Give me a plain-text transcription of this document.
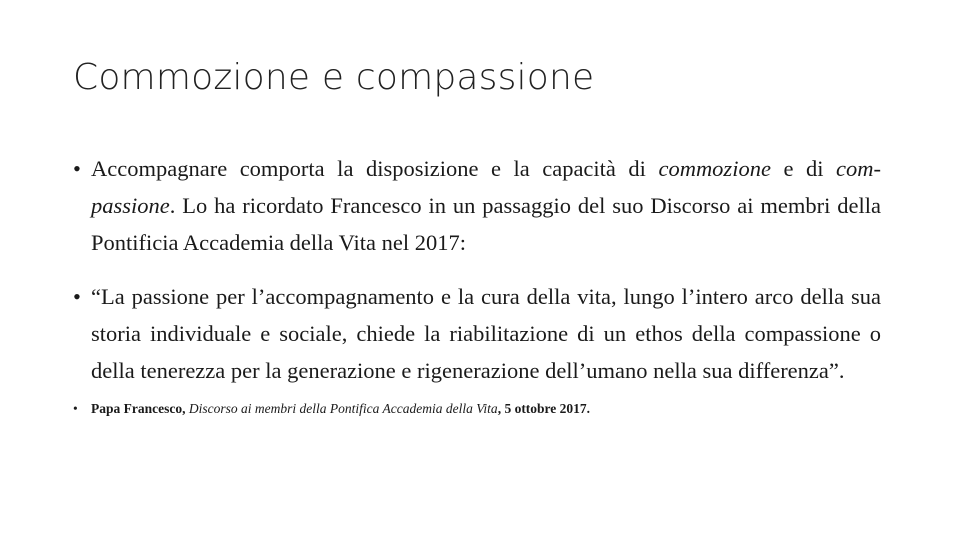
Commozione e compassione
• Accompagnare comporta la disposizione e la capacità di commozione e di com-passione. Lo ha ricordato Francesco in un passaggio del suo Discorso ai membri della Pontificia Accademia della Vita nel 2017:
• “La passione per l’accompagnamento e la cura della vita, lungo l’intero arco della sua storia individuale e sociale, chiede la riabilitazione di un ethos della compassione o della tenerezza per la generazione e rigenerazione dell’umano nella sua differenza”.
• Papa Francesco, Discorso ai membri della Pontifica Accademia della Vita, 5 ottobre 2017.
